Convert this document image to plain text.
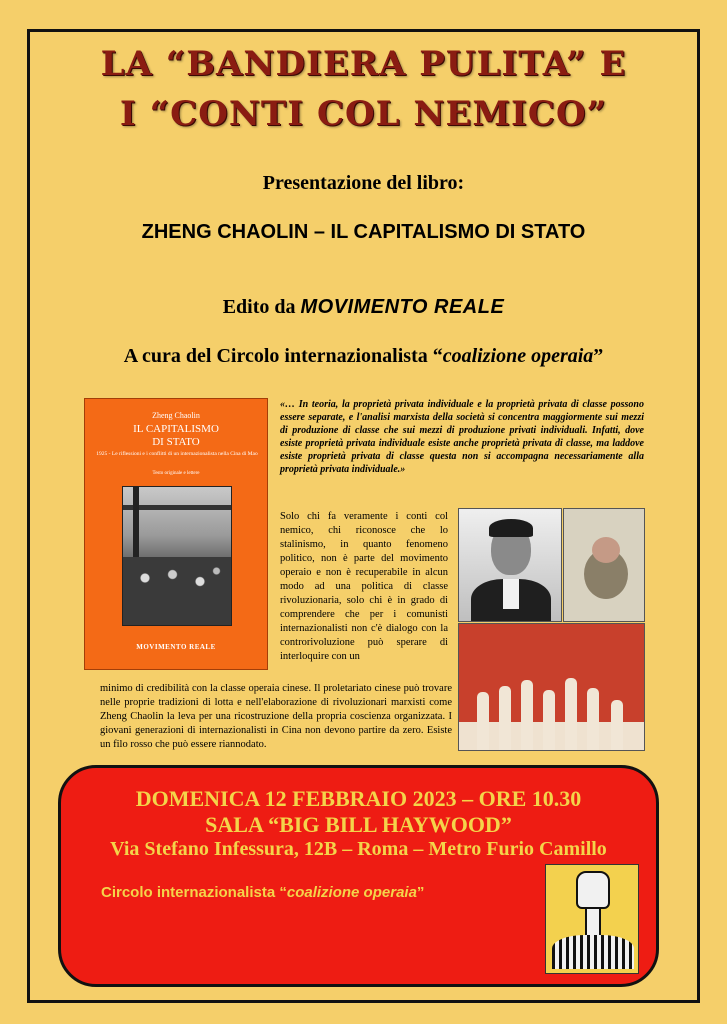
LA “BANDIERA PULITA” E
I “CONTI COL NEMICO”
Presentazione del libro:
ZHENG CHAOLIN – IL CAPITALISMO DI STATO
Edito da MOVIMENTO REALE
A cura del Circolo internazionalista “coalizione operaia”
Zheng Chaolin
IL CAPITALISMO
DI STATO
1925 - Le riflessioni e i conflitti di un internazionalista nella Cina di Mao
Testo originale e lettere
MOVIMENTO REALE
«… In teoria, la proprietà privata individuale e la proprietà privata di classe possono essere separate, e l'analisi marxista della società si concentra maggiormente sui mezzi di produzione di classe che sui mezzi di produzione privati individuali. Infatti, dove esiste proprietà privata individuale esiste anche proprietà privata di classe, ma laddove esiste proprietà privata di classe questa non si accompagna necessariamente alla proprietà privata individuale.»
Solo chi fa veramente i conti col nemico, chi riconosce che lo stalinismo, in quanto fenomeno politico, non è parte del movimento operaio e non è recuperabile in alcun modo ad una politica di classe rivoluzionaria, solo chi è in grado di comprendere che per i comunisti internazionalisti non c'è dialogo con la controrivoluzione può sperare di interloquire con un
minimo di credibilità con la classe operaia cinese. Il proletariato cinese può trovare nelle proprie tradizioni di lotta e nell'elaborazione di rivoluzionari marxisti come Zheng Chaolin la leva per una ricostruzione della propria coscienza organizzata. I giovani generazioni di internazionalisti in Cina non devono partire da zero. Esiste un filo rosso che può essere riannodato.
DOMENICA 12 FEBBRAIO 2023 – ORE 10.30
SALA “BIG BILL HAYWOOD”
Via Stefano Infessura, 12B – Roma – Metro Furio Camillo
Circolo internazionalista “coalizione operaia”
